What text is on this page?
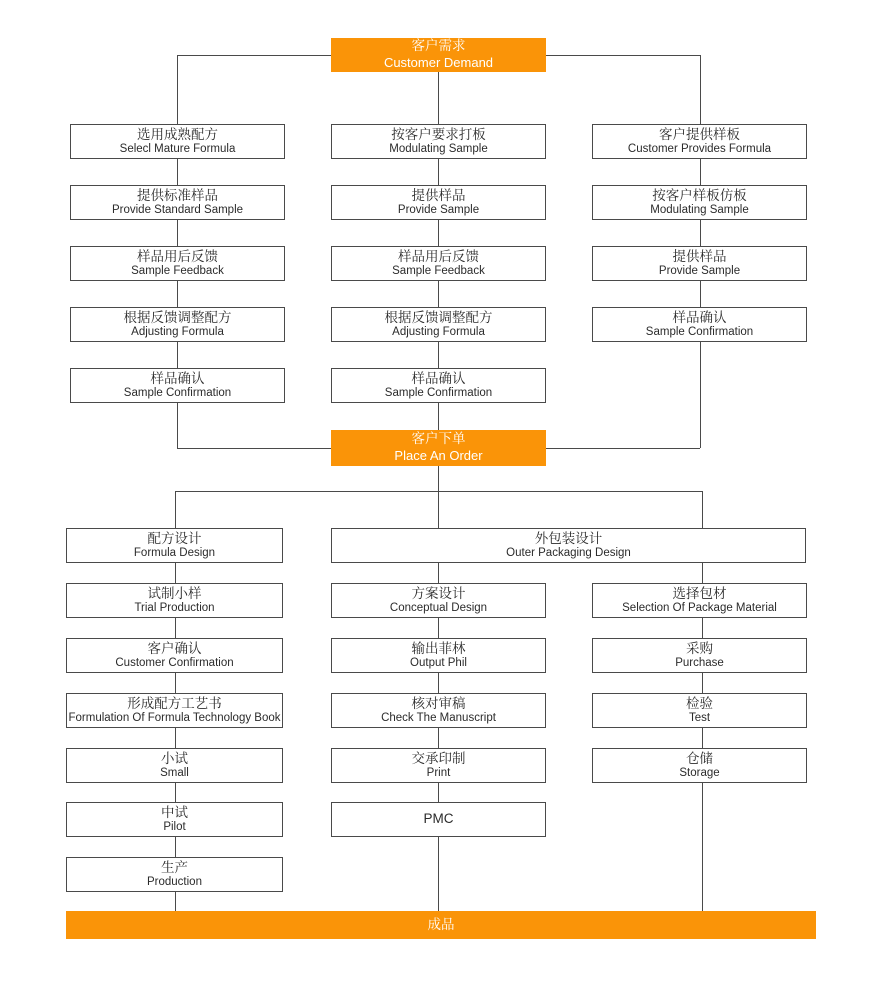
客户需求
Customer Demand
客户下单
Place An Order
成品
选用成熟配方
Selecl Mature Formula
提供标准样品
Provide Standard Sample
样品用后反馈
Sample Feedback
根据反馈调整配方
Adjusting Formula
样品确认
Sample Confirmation
按客户要求打板
Modulating Sample
提供样品
Provide Sample
样品用后反馈
Sample Feedback
根据反馈调整配方
Adjusting Formula
样品确认
Sample Confirmation
客户提供样板
Customer Provides Formula
按客户样板仿板
Modulating Sample
提供样品
Provide Sample
样品确认
Sample Confirmation
配方设计
Formula Design
试制小样
Trial Production
客户确认
Customer Confirmation
形成配方工艺书
Formulation Of Formula Technology Book
小试
Small
中试
Pilot
生产
Production
外包装设计
Outer Packaging Design
方案设计
Conceptual Design
输出菲林
Output Phil
核对审稿
Check The Manuscript
交承印制
Print
PMC
选择包材
Selection Of Package Material
采购
Purchase
检验
Test
仓储
Storage
